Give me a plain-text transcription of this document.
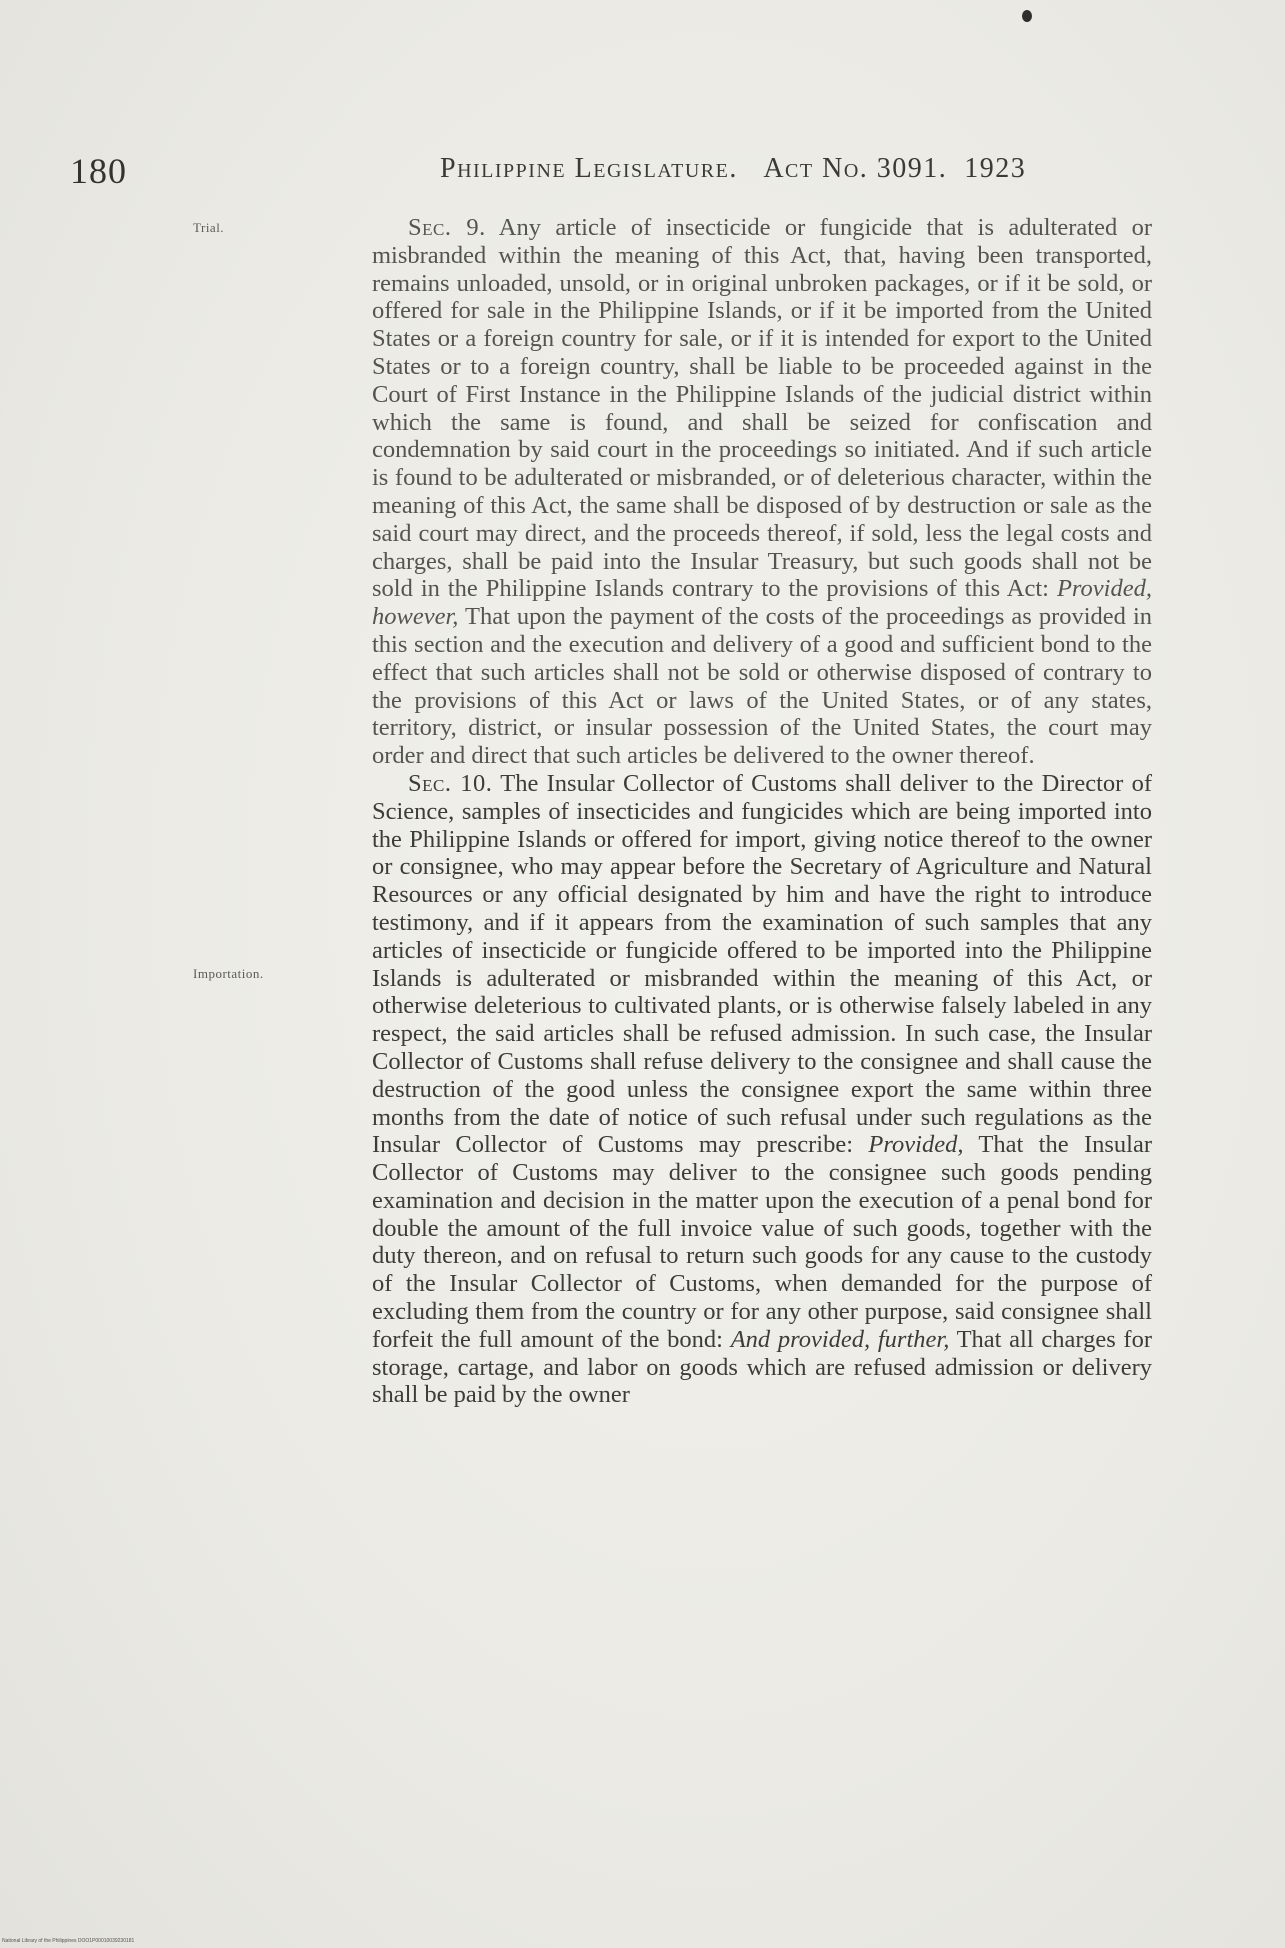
180	Philippine Legislature. Act No. 3091. 1923
Trial.
Importation.

Sec. 9. Any article of insecticide or fungicide that is adulterated or misbranded within the meaning of this Act, that, having been transported, remains unloaded, unsold, or in original unbroken packages, or if it be sold, or offered for sale in the Philippine Islands, or if it be imported from the United States or a foreign country for sale, or if it is intended for export to the United States or to a foreign country, shall be liable to be proceeded against in the Court of First Instance in the Philippine Islands of the judicial district within which the same is found, and shall be seized for confiscation and condemnation by said court in the proceedings so initiated. And if such article is found to be adulterated or misbranded, or of deleterious character, within the meaning of this Act, the same shall be disposed of by destruction or sale as the said court may direct, and the proceeds thereof, if sold, less the legal costs and charges, shall be paid into the Insular Treasury, but such goods shall not be sold in the Philippine Islands contrary to the provisions of this Act: Provided, however, That upon the payment of the costs of the proceedings as provided in this section and the execution and delivery of a good and sufficient bond to the effect that such articles shall not be sold or otherwise disposed of contrary to the provisions of this Act or laws of the United States, or of any states, territory, district, or insular possession of the United States, the court may order and direct that such articles be delivered to the owner thereof.

Sec. 10. The Insular Collector of Customs shall deliver to the Director of Science, samples of insecticides and fungicides which are being imported into the Philippine Islands or offered for import, giving notice thereof to the owner or consignee, who may appear before the Secretary of Agriculture and Natural Resources or any official designated by him and have the right to introduce testimony, and if it appears from the examination of such samples that any articles of insecticide or fungicide offered to be imported into the Philippine Islands is adulterated or misbranded within the meaning of this Act, or otherwise deleterious to cultivated plants, or is otherwise falsely labeled in any respect, the said articles shall be refused admission. In such case, the Insular Collector of Customs shall refuse delivery to the consignee and shall cause the destruction of the good unless the consignee export the same within three months from the date of notice of such refusal under such regulations as the Insular Collector of Customs may prescribe: Provided, That the Insular Collector of Customs may deliver to the consignee such goods pending examination and decision in the matter upon the execution of a penal bond for double the amount of the full invoice value of such goods, together with the duty thereon, and on refusal to return such goods for any cause to the custody of the Insular Collector of Customs, when demanded for the purpose of excluding them from the country or for any other purpose, said consignee shall forfeit the full amount of the bond: And provided, further, That all charges for storage, cartage, and labor on goods which are refused admission or delivery shall be paid by the owner

National Library of the Philippines DOO1P00010039230181
